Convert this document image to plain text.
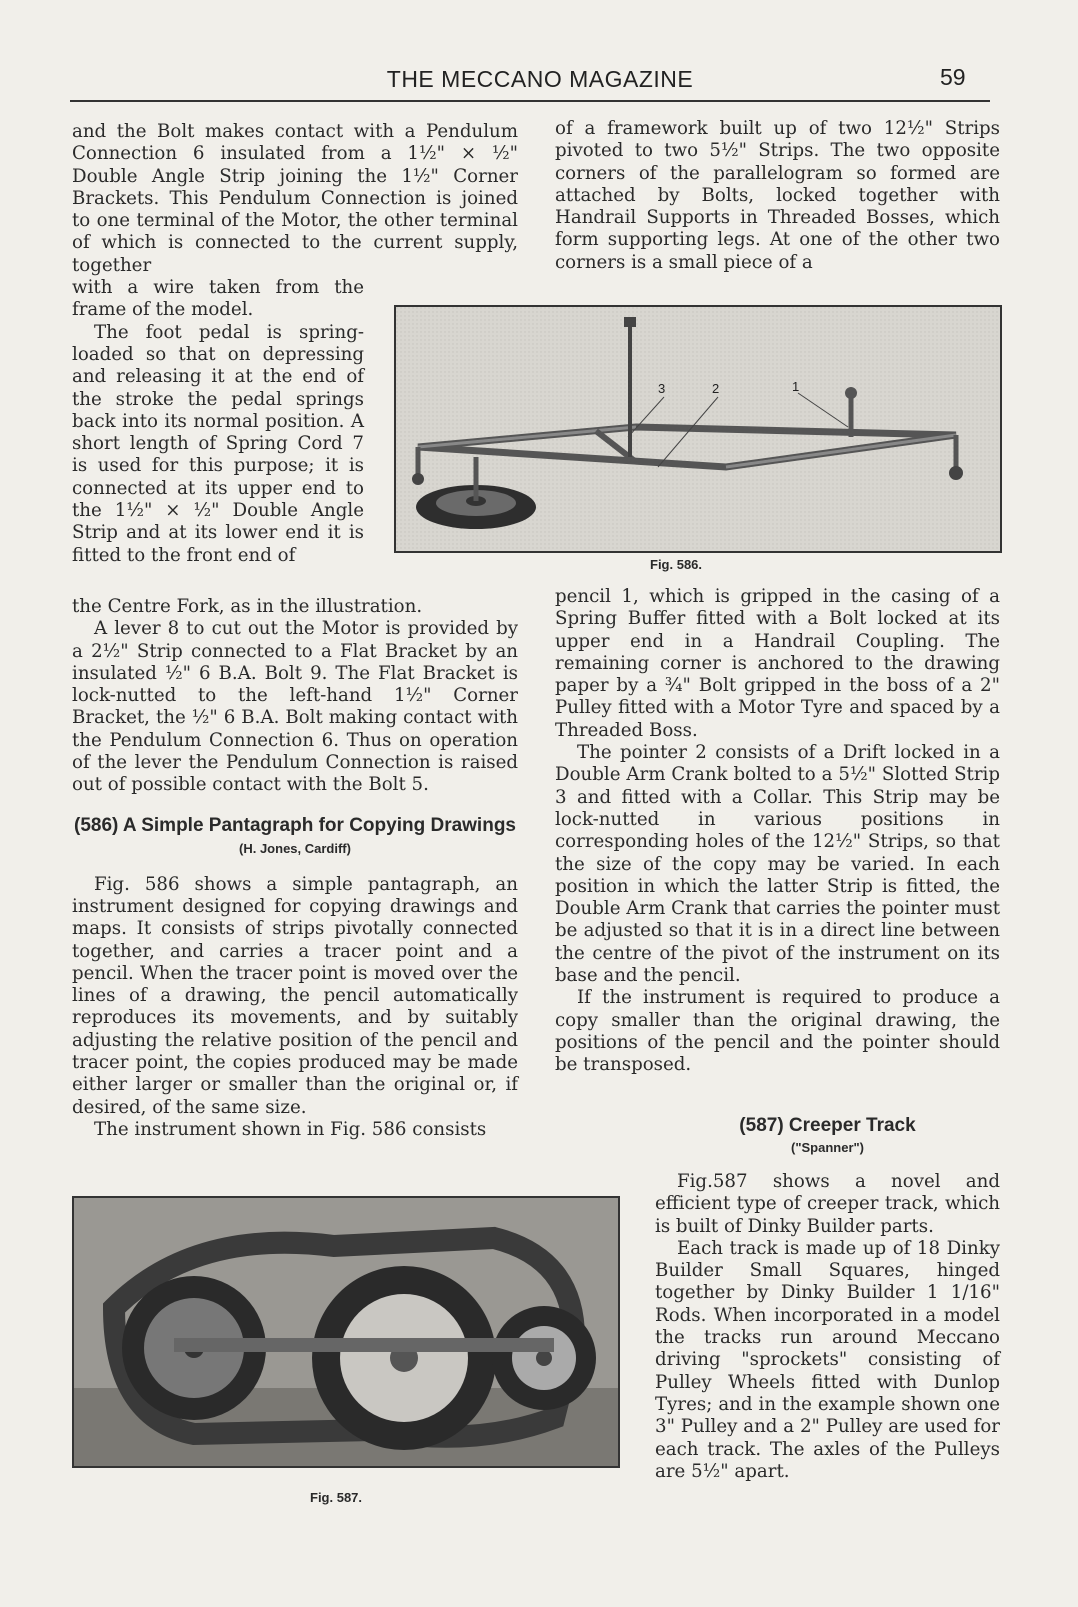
THE MECCANO MAGAZINE	59

and the Bolt makes contact with a Pendulum Connection 6 insulated from a 1½" × ½" Double Angle Strip joining the 1½" Corner Brackets. This Pendulum Connection is joined to one terminal of the Motor, the other terminal of which is connected to the current supply, together

with a wire taken from the frame of the model.

The foot pedal is spring-loaded so that on depressing and releasing it at the end of the stroke the pedal springs back into its normal position. A short length of Spring Cord 7 is used for this purpose; it is connected at its upper end to the 1½" × ½" Double Angle Strip and at its lower end it is fitted to the front end of

3	2	1
Fig. 586.

of a framework built up of two 12½" Strips pivoted to two 5½" Strips. The two opposite corners of the parallelogram so formed are attached by Bolts, locked together with Handrail Supports in Threaded Bosses, which form supporting legs. At one of the other two corners is a small piece of a

the Centre Fork, as in the illustration.

A lever 8 to cut out the Motor is provided by a 2½" Strip connected to a Flat Bracket by an insulated ½" 6 B.A. Bolt 9. The Flat Bracket is lock-nutted to the left-hand 1½" Corner Bracket, the ½" 6 B.A. Bolt making contact with the Pendulum Connection 6. Thus on operation of the lever the Pendulum Connection is raised out of possible contact with the Bolt 5.

(586) A Simple Pantagraph for Copying Drawings (H. Jones, Cardiff)

Fig. 586 shows a simple pantagraph, an instrument designed for copying drawings and maps. It consists of strips pivotally connected together, and carries a tracer point and a pencil. When the tracer point is moved over the lines of a drawing, the pencil automatically reproduces its movements, and by suitably adjusting the relative position of the pencil and tracer point, the copies produced may be made either larger or smaller than the original or, if desired, of the same size.

The instrument shown in Fig. 586 consists

pencil 1, which is gripped in the casing of a Spring Buffer fitted with a Bolt locked at its upper end in a Handrail Coupling. The remaining corner is anchored to the drawing paper by a ¾" Bolt gripped in the boss of a 2" Pulley fitted with a Motor Tyre and spaced by a Threaded Boss.

The pointer 2 consists of a Drift locked in a Double Arm Crank bolted to a 5½" Slotted Strip 3 and fitted with a Collar. This Strip may be lock-nutted in various positions in corresponding holes of the 12½" Strips, so that the size of the copy may be varied. In each position in which the latter Strip is fitted, the Double Arm Crank that carries the pointer must be adjusted so that it is in a direct line between the centre of the pivot of the instrument on its base and the pencil.

If the instrument is required to produce a copy smaller than the original drawing, the positions of the pencil and the pointer should be transposed.

(587) Creeper Track
("Spanner")

Fig.587 shows a novel and efficient type of creeper track, which is built of Dinky Builder parts.

Each track is made up of 18 Dinky Builder Small Squares, hinged together by Dinky Builder 1 1/16" Rods. When incorporated in a model the tracks run around Meccano driving "sprockets" consisting of Pulley Wheels fitted with Dunlop Tyres; and in the example shown one 3" Pulley and a 2" Pulley are used for each track. The axles of the Pulleys are 5½" apart.

Fig. 587.
